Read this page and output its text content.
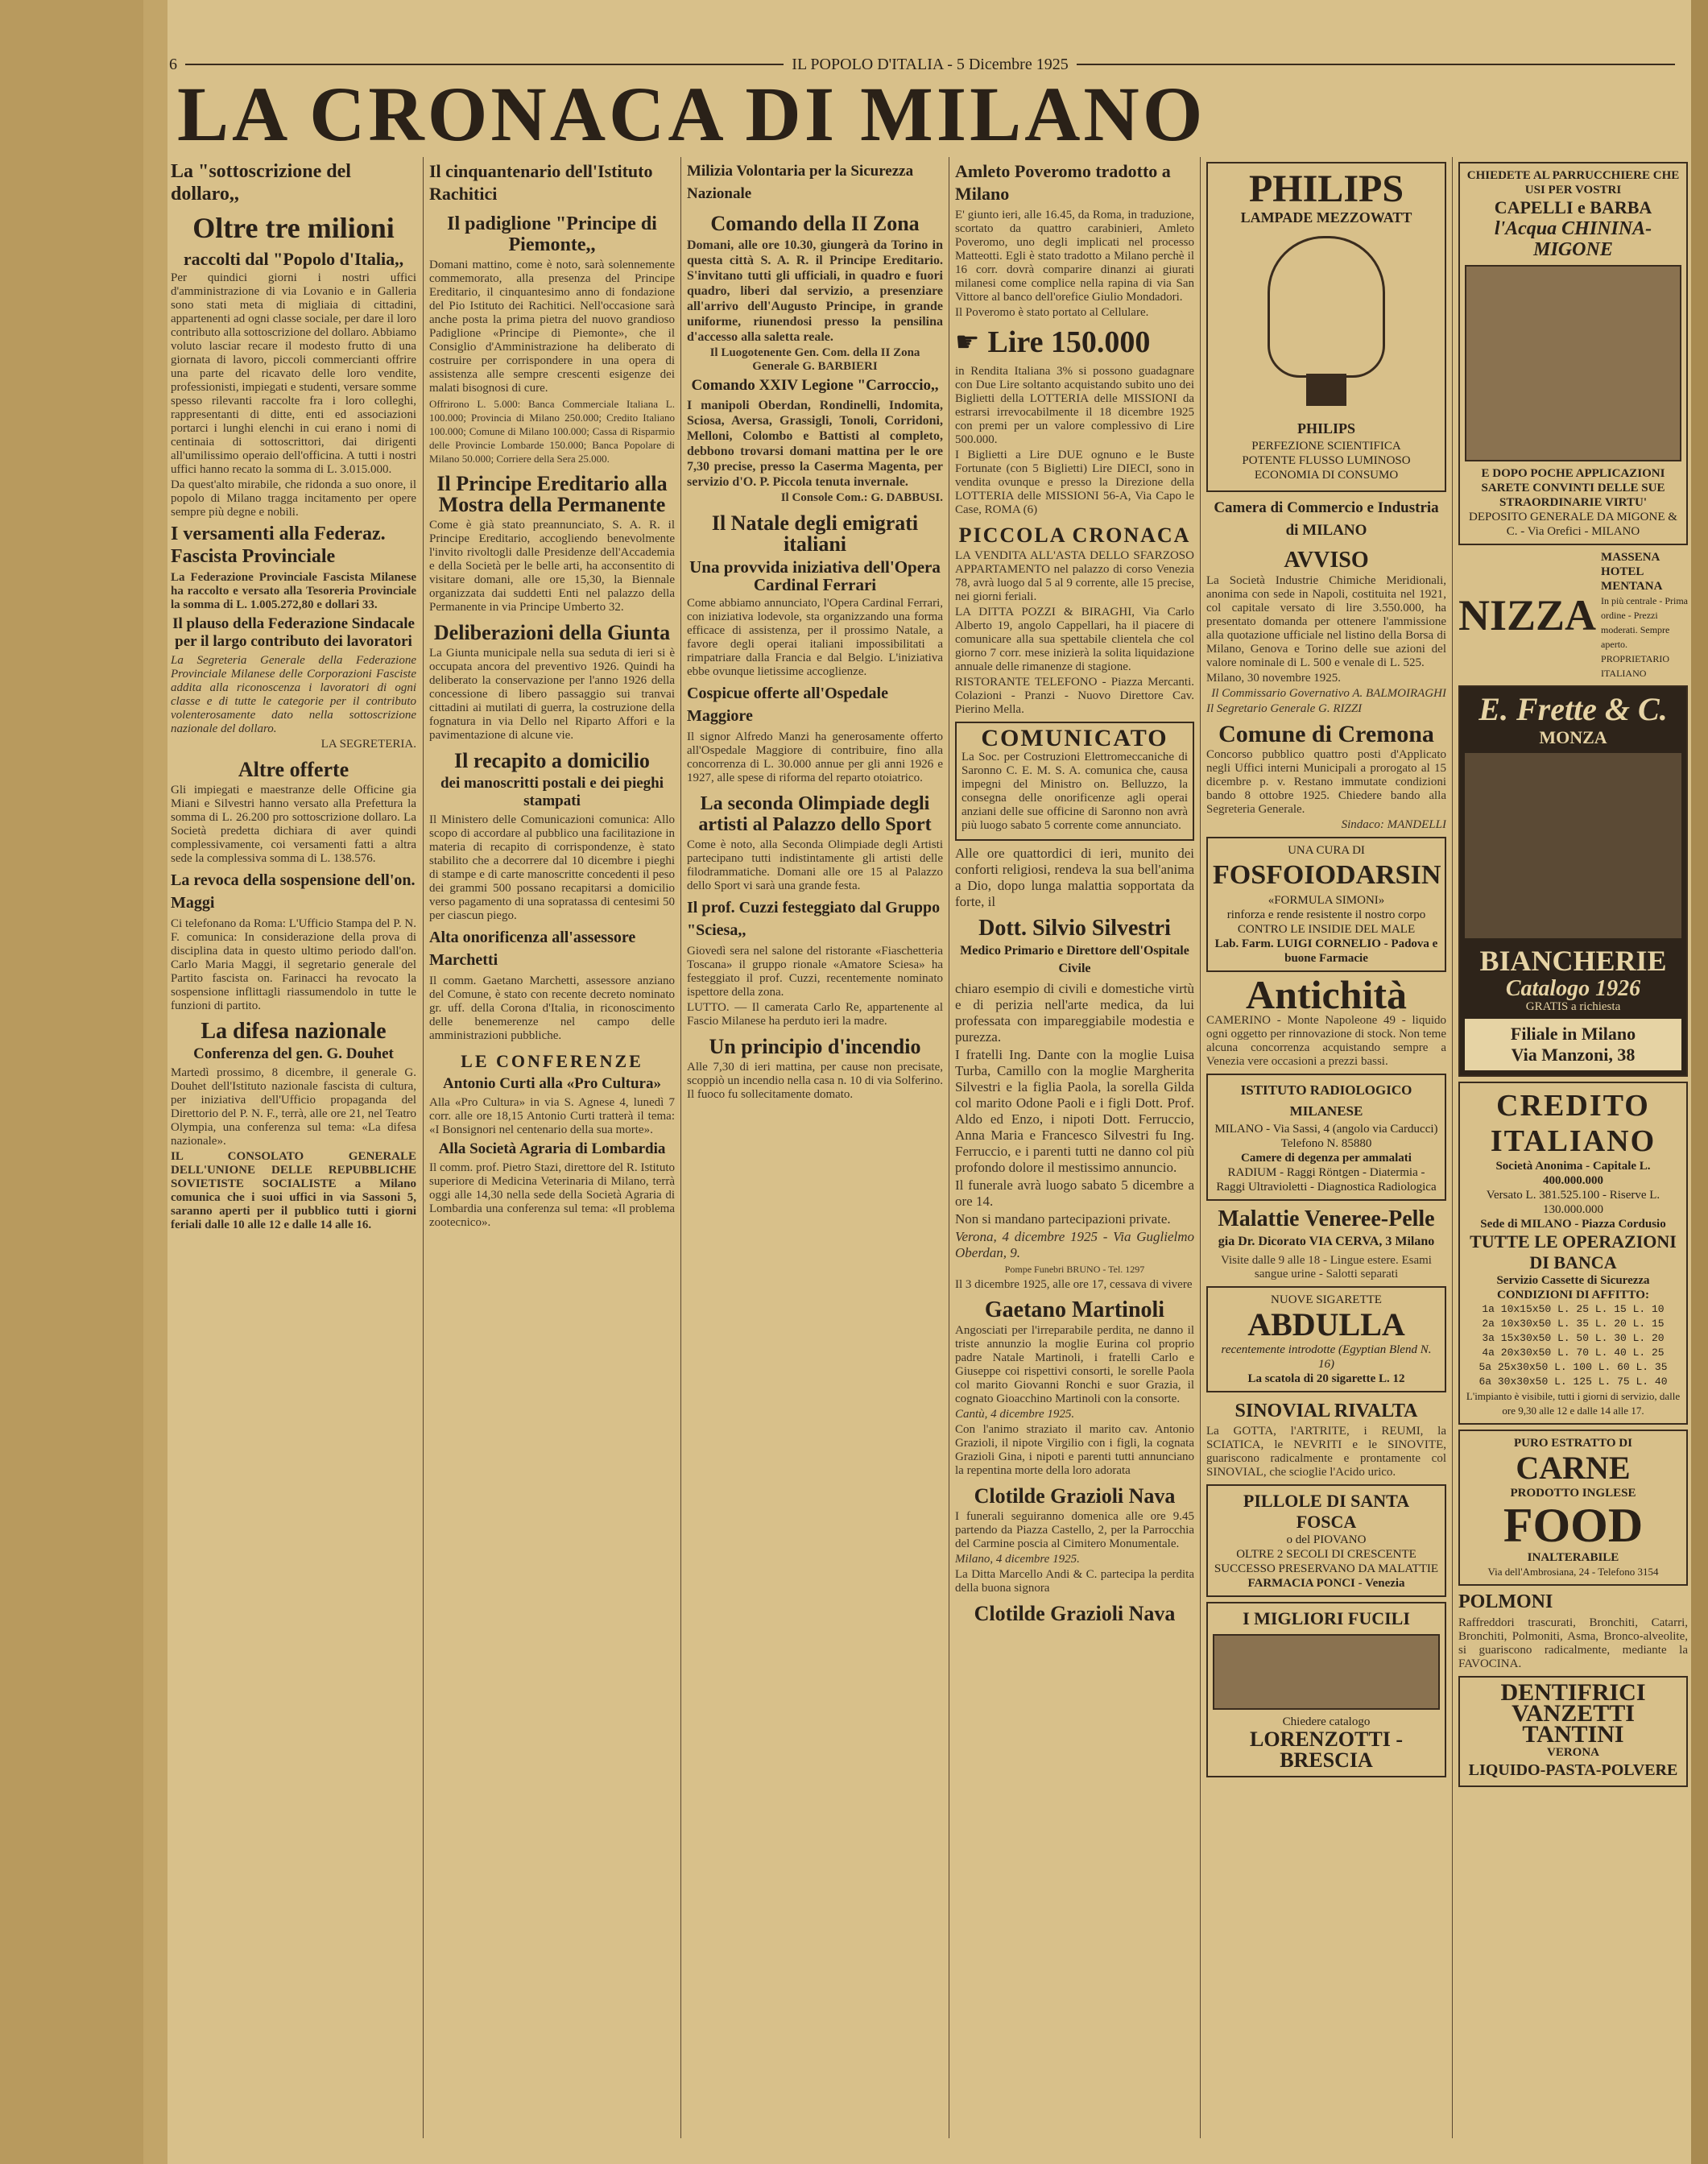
6	IL POPOLO D'ITALIA - 5 Dicembre 1925
LA CRONACA DI MILANO
La "sottoscrizione del dollaro,,
Oltre tre milioni
raccolti dal "Popolo d'Italia,,

Per quindici giorni i nostri uffici d'amministrazione di via Lovanio e in Galleria sono stati meta di migliaia di cittadini, appartenenti ad ogni classe sociale, per dare il loro contributo alla sottoscrizione del dollaro. Abbiamo voluto lasciar recare il modesto frutto di una giornata di lavoro, piccoli commercianti offrire una parte del ricavato delle loro vendite, professionisti, impiegati e studenti, versare somme spesso rilevanti raccolte fra i loro colleghi, rappresentanti di ditte, enti ed associazioni portarci i lunghi elenchi in cui erano i nomi di centinaia di sottoscrittori, dai dirigenti all'umilissimo operaio dell'officina. A tutti i nostri uffici hanno recato la somma di L. 3.015.000.

Da quest'alto mirabile, che ridonda a suo onore, il popolo di Milano tragga incitamento per opere sempre più degne e nobili.

I versamenti alla Federaz. Fascista Provinciale

La Federazione Provinciale Fascista Milanese ha raccolto e versato alla Tesoreria Provinciale la somma di L. 1.005.272,80 e dollari 33.

Il plauso della Federazione Sindacale per il largo contributo dei lavoratori

La Segreteria Generale della Federazione Provinciale Milanese delle Corporazioni Fasciste addita alla riconoscenza i lavoratori di ogni classe e di tutte le categorie per il contributo volenterosamente dato nella sottoscrizione nazionale del dollaro.

LA SEGRETERIA.

Altre offerte

Gli impiegati e maestranze delle Officine gia Miani e Silvestri hanno versato alla Prefettura la somma di L. 26.200 pro sottoscrizione dollaro. La Società predetta dichiara di aver quindi complessivamente, coi versamenti fatti a altra sede la complessiva somma di L. 138.576.

La revoca della sospensione dell'on. Maggi

Ci telefonano da Roma: L'Ufficio Stampa del P. N. F. comunica: In considerazione della prova di disciplina data in questo ultimo periodo dall'on. Carlo Maria Maggi, il segretario generale del Partito fascista on. Farinacci ha revocato la sospensione inflittagli riassumendolo in tutte le funzioni di partito.

La difesa nazionale
Conferenza del gen. G. Douhet

Martedì prossimo, 8 dicembre, il generale G. Douhet dell'Istituto nazionale fascista di cultura, per iniziativa dell'Ufficio propaganda del Direttorio del P. N. F., terrà, alle ore 21, nel Teatro Olympia, una conferenza sul tema: «La difesa nazionale».

IL CONSOLATO GENERALE DELL'UNIONE DELLE REPUBBLICHE SOVIETISTE SOCIALISTE a Milano comunica che i suoi uffici in via Sassoni 5, saranno aperti per il pubblico tutti i giorni feriali dalle 10 alle 12 e dalle 14 alle 16.

Il cinquantenario dell'Istituto Rachitici
Il padiglione "Principe di Piemonte,,

Domani mattino, come è noto, sarà solennemente commemorato, alla presenza del Principe Ereditario, il cinquantesimo anno di fondazione del Pio Istituto dei Rachitici. Nell'occasione sarà anche posta la prima pietra del nuovo grandioso Padiglione «Principe di Piemonte», che il Consiglio d'Amministrazione ha deliberato di costruire per corrispondere in una opera di assistenza alle sempre crescenti esigenze dei malati bisognosi di cure.

Offrirono L. 5.000: Banca Commerciale Italiana L. 100.000; Provincia di Milano 250.000; Credito Italiano 100.000; Comune di Milano 100.000; Cassa di Risparmio delle Provincie Lombarde 150.000; Banca Popolare di Milano 50.000; Corriere della Sera 25.000.

Il Principe Ereditario alla Mostra della Permanente

Come è già stato preannunciato, S. A. R. il Principe Ereditario, accogliendo benevolmente l'invito rivoltogli dalle Presidenze dell'Accademia e della Società per le belle arti, ha acconsentito di visitare domani, alle ore 15,30, la Biennale organizzata dai suddetti Enti nel palazzo della Permanente in via Principe Umberto 32.

Deliberazioni della Giunta

La Giunta municipale nella sua seduta di ieri si è occupata ancora del preventivo 1926. Quindi ha deliberato la conservazione per l'anno 1926 della concessione di libero passaggio sui tranvai cittadini ai mutilati di guerra, la costruzione della fognatura in via Dello nel Riparto Affori e la pavimentazione di alcune vie.

Il recapito a domicilio
dei manoscritti postali e dei pieghi stampati

Il Ministero delle Comunicazioni comunica: Allo scopo di accordare al pubblico una facilitazione in materia di recapito di corrispondenze, è stato stabilito che a decorrere dal 10 dicembre i pieghi di stampe e di carte manoscritte concedenti il peso dei grammi 500 possano recapitarsi a domicilio verso pagamento di una sopratassa di centesimi 50 per ciascun piego.

Alta onorificenza all'assessore Marchetti

Il comm. Gaetano Marchetti, assessore anziano del Comune, è stato con recente decreto nominato gr. uff. della Corona d'Italia, in riconoscimento delle benemerenze nel campo delle amministrazioni pubbliche.

LE CONFERENZE
Antonio Curti alla «Pro Cultura»

Alla «Pro Cultura» in via S. Agnese 4, lunedì 7 corr. alle ore 18,15 Antonio Curti tratterà il tema: «I Bonsignori nel centenario della sua morte».

Alla Società Agraria di Lombardia

Il comm. prof. Pietro Stazi, direttore del R. Istituto superiore di Medicina Veterinaria di Milano, terrà oggi alle 14,30 nella sede della Società Agraria di Lombardia una conferenza sul tema: «Il problema zootecnico».

Milizia Volontaria per la Sicurezza Nazionale
Comando della II Zona

Domani, alle ore 10.30, giungerà da Torino in questa città S. A. R. il Principe Ereditario. S'invitano tutti gli ufficiali, in quadro e fuori quadro, liberi dal servizio, a presenziare all'arrivo dell'Augusto Principe, in grande uniforme, riunendosi presso la pensilina d'accesso alla saletta reale.

Il Luogotenente Gen. Com. della II Zona Generale G. BARBIERI

Comando XXIV Legione "Carroccio,,

I manipoli Oberdan, Rondinelli, Indomita, Sciosa, Aversa, Grassigli, Tonoli, Corridoni, Melloni, Colombo e Battisti al completo, debbono trovarsi domani mattina per le ore 7,30 precise, presso la Caserma Magenta, per servizio d'O. P. Piccola tenuta invernale.

Il Console Com.: G. DABBUSI.

Il Natale degli emigrati italiani
Una provvida iniziativa dell'Opera Cardinal Ferrari

Come abbiamo annunciato, l'Opera Cardinal Ferrari, con iniziativa lodevole, sta organizzando una forma efficace di assistenza, per il prossimo Natale, a favore degli operai italiani impossibilitati a rimpatriare dalla Francia e dal Belgio. L'iniziativa ebbe ovunque lietissime accoglienze.

Cospicue offerte all'Ospedale Maggiore

Il signor Alfredo Manzi ha generosamente offerto all'Ospedale Maggiore di contribuire, fino alla concorrenza di L. 30.000 annue per gli anni 1926 e 1927, alle spese di riforma del reparto otoiatrico.

La seconda Olimpiade degli artisti al Palazzo dello Sport

Come è noto, alla Seconda Olimpiade degli Artisti partecipano tutti indistintamente gli artisti delle filodrammatiche. Domani alle ore 15 al Palazzo dello Sport vi sarà una grande festa.

Il prof. Cuzzi festeggiato dal Gruppo "Sciesa,,

Giovedì sera nel salone del ristorante «Fiaschetteria Toscana» il gruppo rionale «Amatore Sciesa» ha festeggiato il prof. Cuzzi, recentemente nominato ispettore della zona.

LUTTO. — Il camerata Carlo Re, appartenente al Fascio Milanese ha perduto ieri la madre.

Un principio d'incendio

Alle 7,30 di ieri mattina, per cause non precisate, scoppiò un incendio nella casa n. 10 di via Solferino. Il fuoco fu sollecitamente domato.

Amleto Poveromo tradotto a Milano

E' giunto ieri, alle 16.45, da Roma, in traduzione, scortato da quattro carabinieri, Amleto Poveromo, uno degli implicati nel processo Matteotti. Egli è stato tradotto a Milano perchè il 16 corr. dovrà comparire dinanzi ai giurati milanesi come complice nella rapina di via San Vittore al banco dell'orefice Giulio Mondadori.

Il Poveromo è stato portato al Cellulare.

☛ Lire 150.000

in Rendita Italiana 3% si possono guadagnare con Due Lire soltanto acquistando subito uno dei Biglietti della LOTTERIA delle MISSIONI da estrarsi irrevocabilmente il 18 dicembre 1925 con premi per un valore complessivo di Lire 500.000.

I Biglietti a Lire DUE ognuno e le Buste Fortunate (con 5 Biglietti) Lire DIECI, sono in vendita ovunque e presso la Direzione della LOTTERIA delle MISSIONI 56-A, Via Capo le Case, ROMA (6)

PICCOLA CRONACA

LA VENDITA ALL'ASTA DELLO SFARZOSO APPARTAMENTO nel palazzo di corso Venezia 78, avrà luogo dal 5 al 9 corrente, alle 15 precise, nei giorni feriali.

LA DITTA POZZI & BIRAGHI, Via Carlo Alberto 19, angolo Cappellari, ha il piacere di comunicare alla sua spettabile clientela che col giorno 7 corr. mese inizierà la solita liquidazione annuale delle rimanenze di stagione.

RISTORANTE TELEFONO - Piazza Mercanti. Colazioni - Pranzi - Nuovo Direttore Cav. Pierino Mella.

COMUNICATO

La Soc. per Costruzioni Elettromeccaniche di Saronno C. E. M. S. A. comunica che, causa impegni del Ministro on. Belluzzo, la consegna delle onorificenze agli operai anziani delle sue officine di Saronno non avrà più luogo sabato 5 corrente come annunciato.

Alle ore quattordici di ieri, munito dei conforti religiosi, rendeva la sua bell'anima a Dio, dopo lunga malattia sopportata da forte, il

Dott. Silvio Silvestri
Medico Primario e Direttore dell'Ospitale Civile

chiaro esempio di civili e domestiche virtù e di perizia nell'arte medica, da lui professata con impareggiabile modestia e purezza.

I fratelli Ing. Dante con la moglie Luisa Turba, Camillo con la moglie Margherita Silvestri e la figlia Paola, la sorella Gilda col marito Odone Paoli e i figli Dott. Prof. Aldo ed Enzo, i nipoti Dott. Ferruccio, Anna Maria e Francesco Silvestri fu Ing. Ferruccio, e i parenti tutti ne danno col più profondo dolore il mestissimo annuncio.

Il funerale avrà luogo sabato 5 dicembre a ore 14.

Non si mandano partecipazioni private.

Verona, 4 dicembre 1925 - Via Guglielmo Oberdan, 9.

Pompe Funebri BRUNO - Tel. 1297

Il 3 dicembre 1925, alle ore 17, cessava di vivere

Gaetano Martinoli

Angosciati per l'irreparabile perdita, ne danno il triste annunzio la moglie Eurina col proprio padre Natale Martinoli, i fratelli Carlo e Giuseppe coi rispettivi consorti, le sorelle Paola col marito Giovanni Ronchi e suor Grazia, il cognato Gioacchino Martinoli con la consorte.

Cantù, 4 dicembre 1925.

Con l'animo straziato il marito cav. Antonio Grazioli, il nipote Virgilio con i figli, la cognata Grazioli Gina, i nipoti e parenti tutti annunciano la repentina morte della loro adorata

Clotilde Grazioli Nava

I funerali seguiranno domenica alle ore 9.45 partendo da Piazza Castello, 2, per la Parrocchia del Carmine poscia al Cimitero Monumentale.

Milano, 4 dicembre 1925.

La Ditta Marcello Andi & C. partecipa la perdita della buona signora

Clotilde Grazioli Nava
PHILIPS
LAMPADE MEZZOWATT
PHILIPS
PERFEZIONE SCIENTIFICA
POTENTE FLUSSO LUMINOSO
ECONOMIA DI CONSUMO
Camera di Commercio e Industria di MILANO
AVVISO

La Società Industrie Chimiche Meridionali, anonima con sede in Napoli, costituita nel 1921, col capitale versato di lire 3.550.000, ha presentato domanda per ottenere l'ammissione alla quotazione ufficiale nel listino della Borsa di Milano, Genova e Torino delle sue azioni del valore nominale di L. 500 e venale di L. 525.

Milano, 30 novembre 1925.

Il Commissario Governativo A. BALMOIRAGHI

Il Segretario Generale G. RIZZI

Comune di Cremona

Concorso pubblico quattro posti d'Applicato negli Uffici interni Municipali a prorogato al 15 dicembre p. v. Restano immutate condizioni bando 8 ottobre 1925. Chiedere bando alla Segreteria Generale.

Sindaco: MANDELLI

UNA CURA DI
FOSFOIODARSIN
«FORMULA SIMONI»
rinforza e rende resistente il nostro corpo CONTRO LE INSIDIE DEL MALE
Lab. Farm. LUIGI CORNELIO - Padova e buone Farmacie
Antichità

CAMERINO - Monte Napoleone 49 - liquido ogni oggetto per rinnovazione di stock. Non teme alcuna concorrenza acquistando sempre a Venezia vere occasioni a prezzi bassi.

ISTITUTO RADIOLOGICO MILANESE
MILANO - Via Sassi, 4 (angolo via Carducci) Telefono N. 85880
Camere di degenza per ammalati
RADIUM - Raggi Röntgen - Diatermia - Raggi Ultravioletti - Diagnostica Radiologica
Malattie Veneree-Pelle
gia Dr. Dicorato VIA CERVA, 3 Milano

Visite dalle 9 alle 18 - Lingue estere. Esami sangue urine - Salotti separati

NUOVE SIGARETTE
ABDULLA
recentemente introdotte (Egyptian Blend N. 16)
La scatola di 20 sigarette L. 12
SINOVIAL RIVALTA

La GOTTA, l'ARTRITE, i REUMI, la SCIATICA, le NEVRITI e le SINOVITE, guariscono radicalmente e prontamente col SINOVIAL, che scioglie l'Acido urico.

PILLOLE DI SANTA FOSCA
o del PIOVANO
OLTRE 2 SECOLI DI CRESCENTE SUCCESSO PRESERVANO DA MALATTIE
FARMACIA PONCI - Venezia
I MIGLIORI FUCILI
Chiedere catalogo
LORENZOTTI - BRESCIA
CHIEDETE AL PARRUCCHIERE CHE USI PER VOSTRI
CAPELLI e BARBA
l'Acqua CHININA-MIGONE
E DOPO POCHE APPLICAZIONI SARETE CONVINTI DELLE SUE STRAORDINARIE VIRTU'
DEPOSITO GENERALE DA MIGONE & C. - Via Orefici - MILANO
NIZZA
MASSENA HOTEL MENTANA
In più centrale - Prima ordine - Prezzi moderati. Sempre aperto. PROPRIETARIO ITALIANO
E. Frette & C.
MONZA
BIANCHERIE
Catalogo 1926
GRATIS a richiesta
Filiale in Milano
Via Manzoni, 38
CREDITO ITALIANO
Società Anonima - Capitale L. 400.000.000
Versato L. 381.525.100 - Riserve L. 130.000.000
Sede di MILANO - Piazza Cordusio
TUTTE LE OPERAZIONI DI BANCA
Servizio Cassette di Sicurezza
CONDIZIONI DI AFFITTO:
1a 10x15x50 L. 25 L. 15 L. 10
2a 10x30x50 L. 35 L. 20 L. 15
3a 15x30x50 L. 50 L. 30 L. 20
4a 20x30x50 L. 70 L. 40 L. 25
5a 25x30x50 L. 100 L. 60 L. 35
6a 30x30x50 L. 125 L. 75 L. 40
L'impianto è visibile, tutti i giorni di servizio, dalle ore 9,30 alle 12 e dalle 14 alle 17.
PURO ESTRATTO DI
CARNE
PRODOTTO INGLESE
FOOD
INALTERABILE
Via dell'Ambrosiana, 24 - Telefono 3154
POLMONI

Raffreddori trascurati, Bronchiti, Catarri, Bronchiti, Polmoniti, Asma, Bronco-alveolite, si guariscono radicalmente, mediante la FAVOCINA.

DENTIFRICI
VANZETTI
TANTINI
VERONA
LIQUIDO-PASTA-POLVERE
